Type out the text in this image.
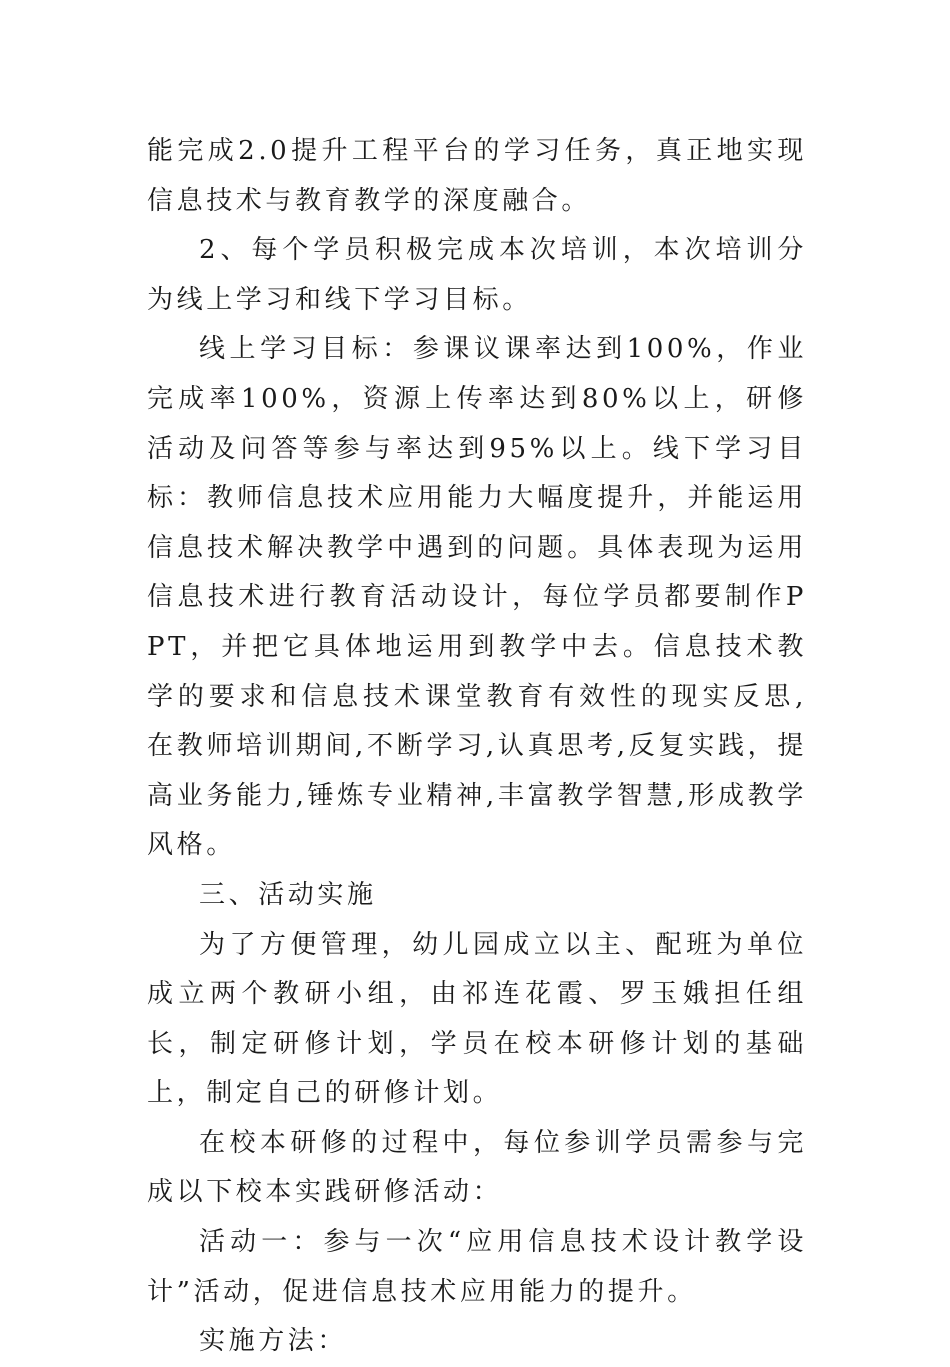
能完成2.0提升工程平台的学习任务，真正地实现信息技术与教育教学的深度融合。

2、每个学员积极完成本次培训，本次培训分为线上学习和线下学习目标。

线上学习目标：参课议课率达到100%，作业完成率100%，资源上传率达到80%以上，研修活动及问答等参与率达到95%以上。线下学习目标：教师信息技术应用能力大幅度提升，并能运用信息技术解决教学中遇到的问题。具体表现为运用信息技术进行教育活动设计，每位学员都要制作PPT，并把它具体地运用到教学中去。信息技术教学的要求和信息技术课堂教育有效性的现实反思,在教师培训期间,不断学习,认真思考,反复实践，提高业务能力,锤炼专业精神,丰富教学智慧,形成教学风格。

三、活动实施

为了方便管理，幼儿园成立以主、配班为单位成立两个教研小组，由祁连花霞、罗玉娥担任组长，制定研修计划，学员在校本研修计划的基础上，制定自己的研修计划。

在校本研修的过程中，每位参训学员需参与完成以下校本实践研修活动：

活动一：参与一次“应用信息技术设计教学设计”活动，促进信息技术应用能力的提升。

实施方法：
